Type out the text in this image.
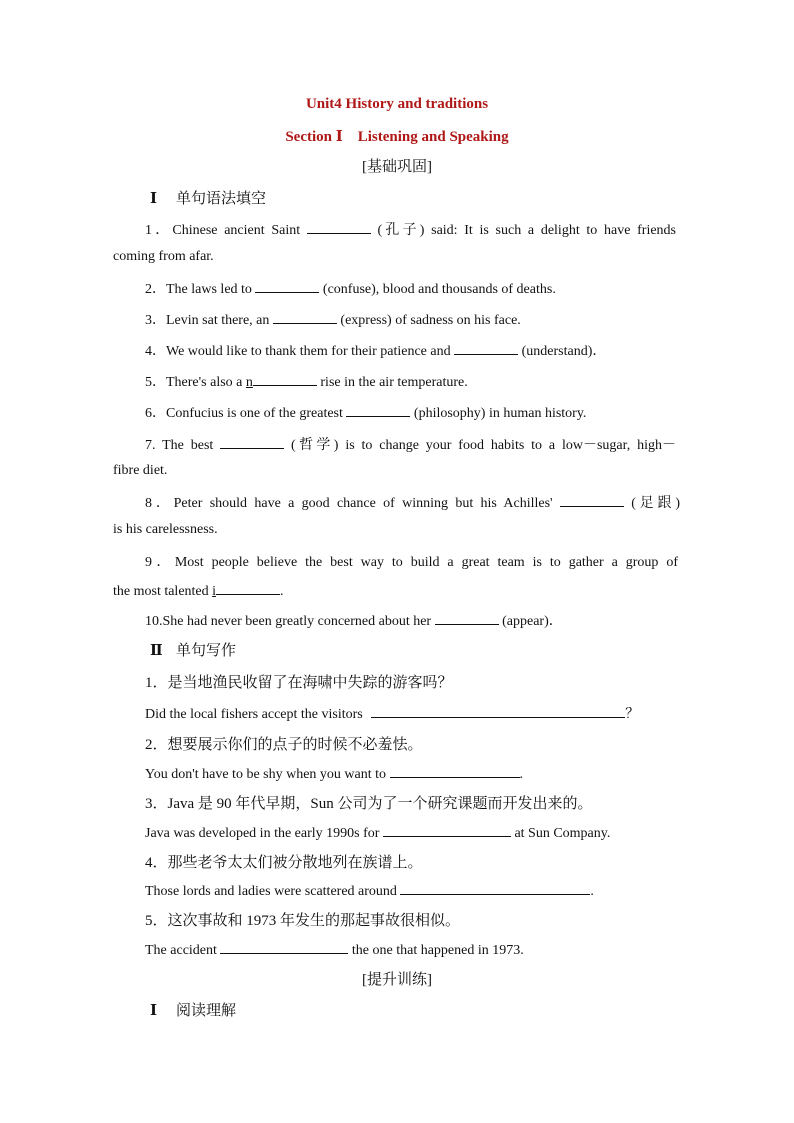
Unit4 History and traditions
Section Ⅰ　Listening and Speaking
[基础巩固]
Ⅰ 单句语法填空
1．Chinese ancient Saint	(孔子) said: It is such a delight to have friends
coming from afar.
2．The laws led to	(confuse), blood and thousands of deaths.
3．Levin sat there, an	(express) of sadness on his face.
4．We would like to thank them for their patience and	(understand)．
5．There's also a n	rise in the air temperature.
6．Confucius is one of the greatest	(philosophy) in human history.
7. The best	(哲学) is to change your food habits to a low－sugar, high－
fibre diet.
8．Peter should have a good chance of winning but his Achilles'	(足跟)
is his carelessness.
9．Most people believe the best way to build a great team is to gather a group of
the most talented i	.
10.She had never been greatly concerned about her	(appear)．
Ⅱ 单句写作
1．是当地渔民收留了在海啸中失踪的游客吗？
Did the local fishers accept the visitors	？
2．想要展示你们的点子的时候不必羞怯。
You don't have to be shy when you want to	.
3．Java 是 90 年代早期，Sun 公司为了一个研究课题而开发出来的。
Java was developed in the early 1990s for	at Sun Company.
4．那些老爷太太们被分散地列在族谱上。
Those lords and ladies were scattered around	.
5．这次事故和 1973 年发生的那起事故很相似。
The accident	the one that happened in 1973.
[提升训练]
Ⅰ 阅读理解
